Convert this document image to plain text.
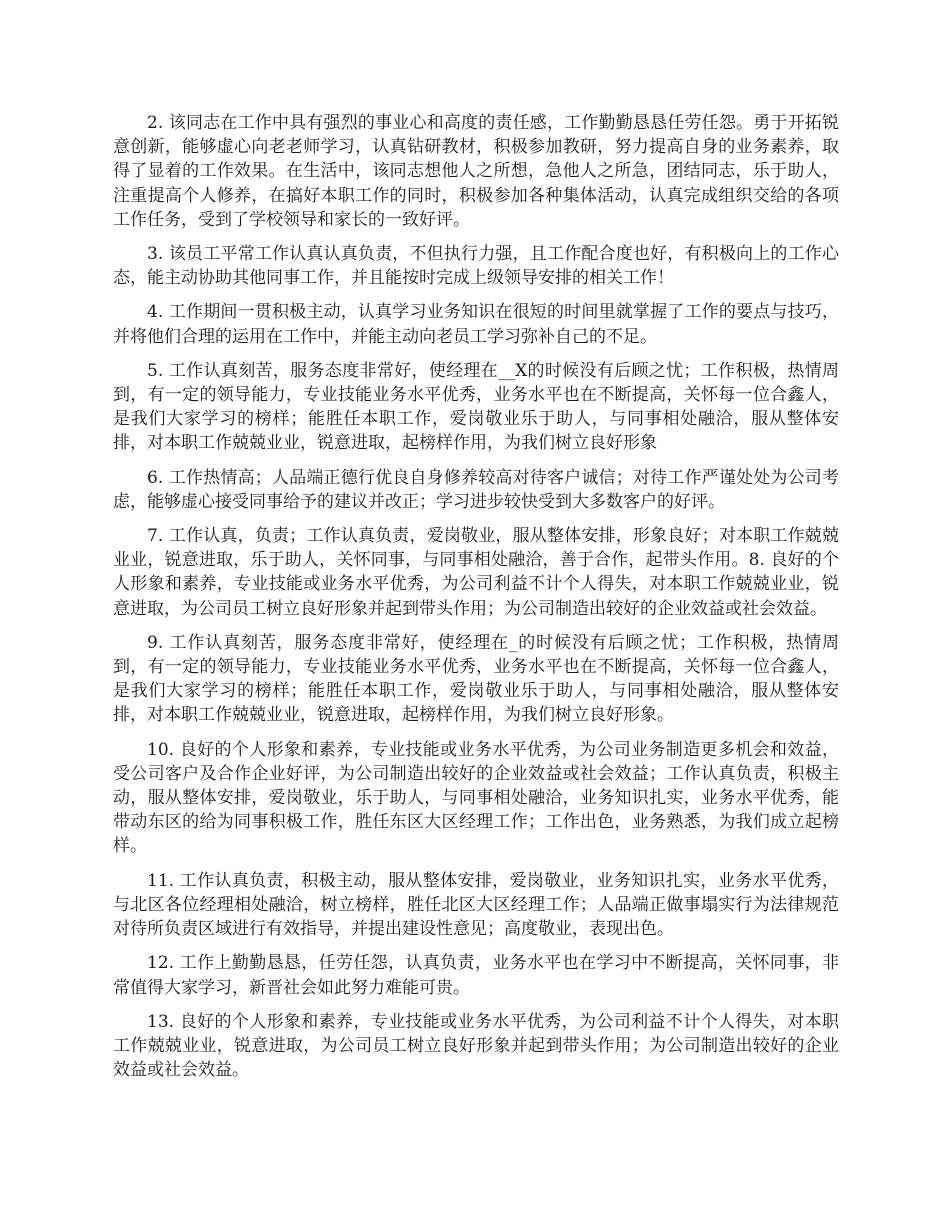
2. 该同志在工作中具有强烈的事业心和高度的责任感，工作勤勤恳恳任劳任怨。勇于开拓锐意创新，能够虚心向老老师学习，认真钻研教材，积极参加教研，努力提高自身的业务素养，取得了显着的工作效果。在生活中，该同志想他人之所想，急他人之所急，团结同志，乐于助人，注重提高个人修养，在搞好本职工作的同时，积极参加各种集体活动，认真完成组织交给的各项工作任务，受到了学校领导和家长的一致好评。

3. 该员工平常工作认真认真负责，不但执行力强，且工作配合度也好，有积极向上的工作心态，能主动协助其他同事工作，并且能按时完成上级领导安排的相关工作！

4. 工作期间一贯积极主动，认真学习业务知识在很短的时间里就掌握了工作的要点与技巧，并将他们合理的运用在工作中，并能主动向老员工学习弥补自己的不足。

5. 工作认真刻苦，服务态度非常好，使经理在__X的时候没有后顾之忧；工作积极，热情周到，有一定的领导能力，专业技能业务水平优秀，业务水平也在不断提高，关怀每一位合鑫人，是我们大家学习的榜样；能胜任本职工作，爱岗敬业乐于助人，与同事相处融洽，服从整体安排，对本职工作兢兢业业，锐意进取，起榜样作用，为我们树立良好形象

6. 工作热情高；人品端正德行优良自身修养较高对待客户诚信；对待工作严谨处处为公司考虑，能够虚心接受同事给予的建议并改正；学习进步较快受到大多数客户的好评。

7. 工作认真，负责；工作认真负责，爱岗敬业，服从整体安排，形象良好；对本职工作兢兢业业，锐意进取，乐于助人，关怀同事，与同事相处融洽，善于合作，起带头作用。8. 良好的个人形象和素养，专业技能或业务水平优秀，为公司利益不计个人得失，对本职工作兢兢业业，锐意进取，为公司员工树立良好形象并起到带头作用；为公司制造出较好的企业效益或社会效益。

9. 工作认真刻苦，服务态度非常好，使经理在_的时候没有后顾之忧；工作积极，热情周到，有一定的领导能力，专业技能业务水平优秀，业务水平也在不断提高，关怀每一位合鑫人，是我们大家学习的榜样；能胜任本职工作，爱岗敬业乐于助人，与同事相处融洽，服从整体安排，对本职工作兢兢业业，锐意进取，起榜样作用，为我们树立良好形象。

10. 良好的个人形象和素养，专业技能或业务水平优秀，为公司业务制造更多机会和效益，受公司客户及合作企业好评，为公司制造出较好的企业效益或社会效益；工作认真负责，积极主动，服从整体安排，爱岗敬业，乐于助人，与同事相处融洽，业务知识扎实，业务水平优秀，能带动东区的给为同事积极工作，胜任东区大区经理工作；工作出色，业务熟悉，为我们成立起榜样。

11. 工作认真负责，积极主动，服从整体安排，爱岗敬业，业务知识扎实，业务水平优秀，与北区各位经理相处融洽，树立榜样，胜任北区大区经理工作；人品端正做事塌实行为法律规范对待所负责区域进行有效指导，并提出建设性意见；高度敬业，表现出色。

12. 工作上勤勤恳恳，任劳任怨，认真负责，业务水平也在学习中不断提高，关怀同事，非常值得大家学习，新晋社会如此努力难能可贵。

13. 良好的个人形象和素养，专业技能或业务水平优秀，为公司利益不计个人得失，对本职工作兢兢业业，锐意进取，为公司员工树立良好形象并起到带头作用；为公司制造出较好的企业效益或社会效益。
